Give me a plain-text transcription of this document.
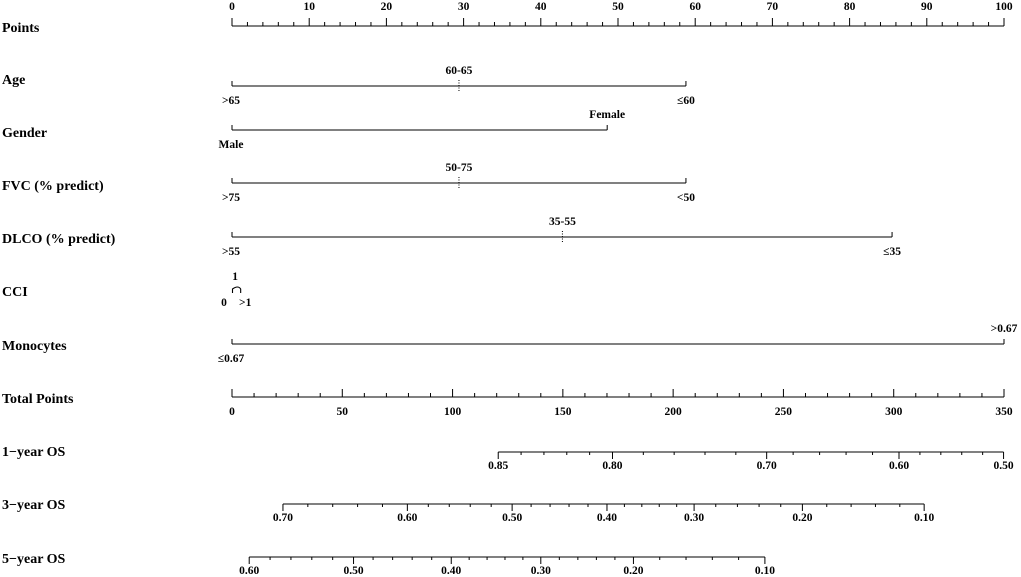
Points
0	10	20	30	40	50	60	70	80	90	100
Age
>65
60-65
≤60
Gender
Male
Female
FVC (% predict)
>75
50-75
<50
DLCO (% predict)
>55
35-55
≤35
CCI
0
1
>1
Monocytes
≤0.67
>0.67
Total Points
0	50	100	150	200	250	300	350
1−year OS
0.85	0.80	0.70	0.60	0.50
3−year OS
0.70	0.60	0.50	0.40	0.30	0.20	0.10
5−year OS
0.60	0.50	0.40	0.30	0.20	0.10
